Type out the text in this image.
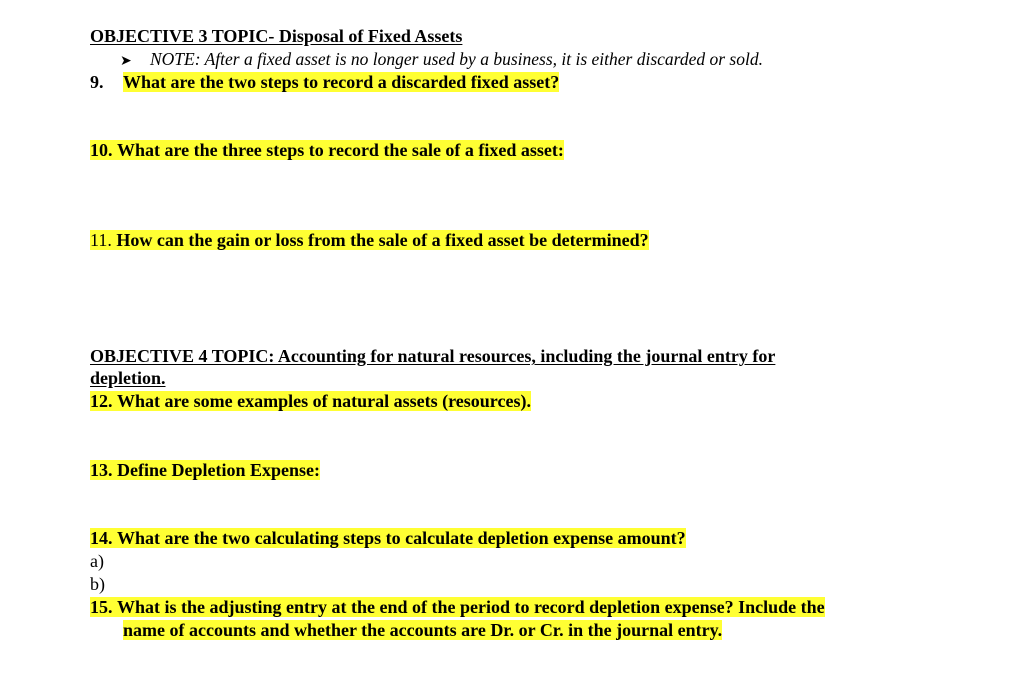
OBJECTIVE 3 TOPIC- Disposal of Fixed Assets
➤ NOTE: After a fixed asset is no longer used by a business, it is either discarded or sold.
9. What are the two steps to record a discarded fixed asset?
10. What are the three steps to record the sale of a fixed asset:
11. How can the gain or loss from the sale of a fixed asset be determined?
OBJECTIVE 4 TOPIC: Accounting for natural resources, including the journal entry for
depletion.
12. What are some examples of natural assets (resources).
13. Define Depletion Expense:
14. What are the two calculating steps to calculate depletion expense amount?
a)
b)
15. What is the adjusting entry at the end of the period to record depletion expense? Include the
name of accounts and whether the accounts are Dr. or Cr. in the journal entry.
